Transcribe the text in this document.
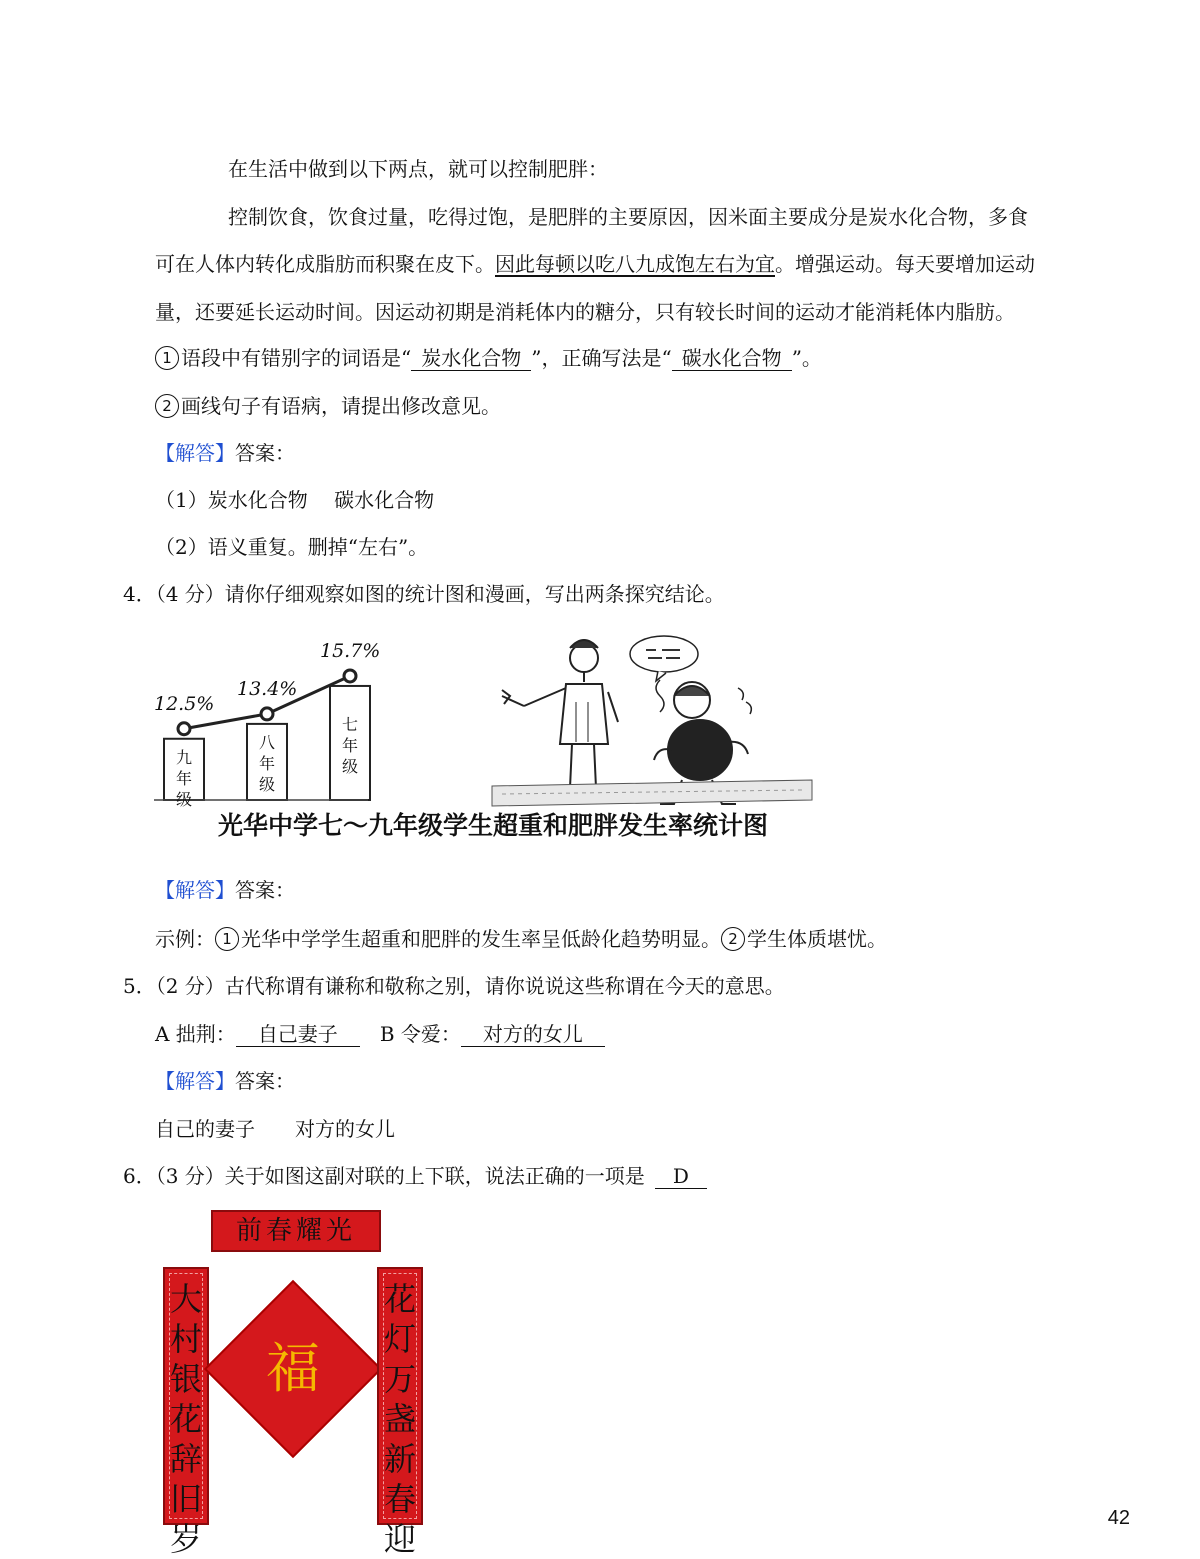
在生活中做到以下两点，就可以控制肥胖：
控制饮食，饮食过量，吃得过饱，是肥胖的主要原因，因米面主要成分是炭水化合物，多食
可在人体内转化成脂肪而积聚在皮下。因此每顿以吃八九成饱左右为宜。增强运动。每天要增加运动
量，还要延长运动时间。因运动初期是消耗体内的糖分，只有较长时间的运动才能消耗体内脂肪。
1 语段中有错别字的词语是“ 炭水化合物 ”，正确写法是“ 碳水化合物 ”。
2 画线句子有语病，请提出修改意见。
【解答】答案：
（1）炭水化合物　 碳水化合物
（2）语义重复。删掉“左右”。
4．（4 分）请你仔细观察如图的统计图和漫画，写出两条探究结论。
九
年
级
八
年
级
七
年
级
12.5%
13.4%
15.7%
光华中学七～九年级学生超重和肥胖发生率统计图
【解答】答案：
示例： 1 光华中学学生超重和肥胖的发生率呈低龄化趋势明显。 2 学生体质堪忧。
5．（2 分）古代称谓有谦称和敬称之别，请你说说这些称谓在今天的意思。
A 拙荆： 自己妻子 B 令爱： 对方的女儿
【解答】答案：
自己的妻子　　对方的女儿
6．（3 分）关于如图这副对联的上下联，说法正确的一项是 D
前春耀光
大
村
银
花
辞
旧
岁
福
花
灯
万
盏
新
春
迎
42
